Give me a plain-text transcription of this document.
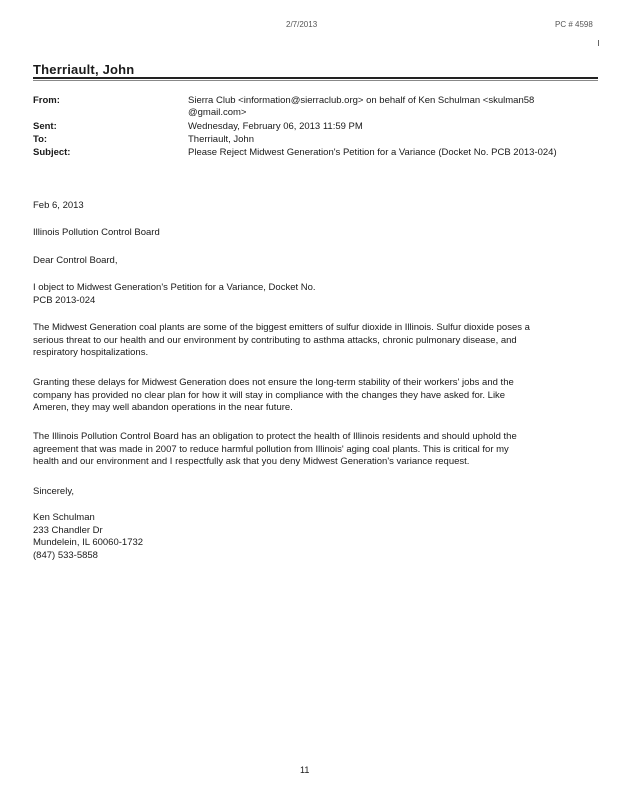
2/7/2013	PC # 4598
Therriault, John
From:	Sierra Club <information@sierraclub.org> on behalf of Ken Schulman <skulman58
@gmail.com>
Sent:	Wednesday, February 06, 2013 11:59 PM
To:	Therriault, John
Subject:	Please Reject Midwest Generation's Petition for a Variance (Docket No. PCB 2013-024)
Feb 6, 2013
Illinois Pollution Control Board
Dear Control Board,

I object to Midwest Generation's Petition for a Variance, Docket No.

PCB 2013-024

The Midwest Generation coal plants are some of the biggest emitters of sulfur dioxide in Illinois. Sulfur dioxide poses a

serious threat to our health and our environment by contributing to asthma attacks, chronic pulmonary disease, and

respiratory hospitalizations.

Granting these delays for Midwest Generation does not ensure the long-term stability of their workers' jobs and the

company has provided no clear plan for how it will stay in compliance with the changes they have asked for. Like

Ameren, they may well abandon operations in the near future.

The Illinois Pollution Control Board has an obligation to protect the health of Illinois residents and should uphold the

agreement that was made in 2007 to reduce harmful pollution from Illinois' aging coal plants. This is critical for my

health and our environment and I respectfully ask that you deny Midwest Generation's variance request.

Sincerely,

Ken Schulman

233 Chandler Dr

Mundelein, IL 60060-1732

(847) 533-5858

11
